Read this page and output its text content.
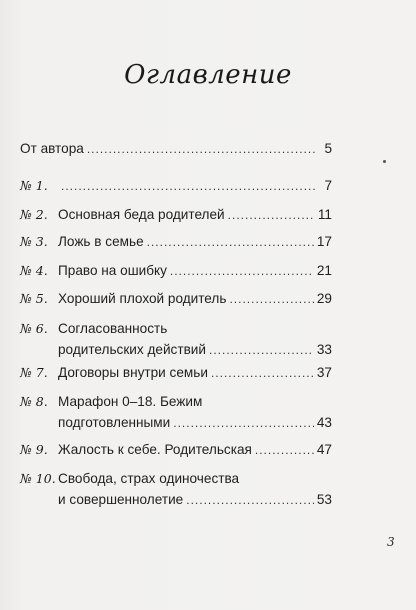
Оглавление
От автора .....	5
№ 1. .....	7
№ 2. Основная беда родителей .....	11
№ 3. Ложь в семье .....	17
№ 4. Право на ошибку .....	21
№ 5. Хороший плохой родитель .....	29
№ 6. Согласованность
родительских действий .....	33
№ 7. Договоры внутри семьи .....	37
№ 8. Марафон 0–18. Бежим
подготовленными .....	43
№ 9. Жалость к себе. Родительская .....	47
№ 10. Свобода, страх одиночества
и совершеннолетие .....	53
3
